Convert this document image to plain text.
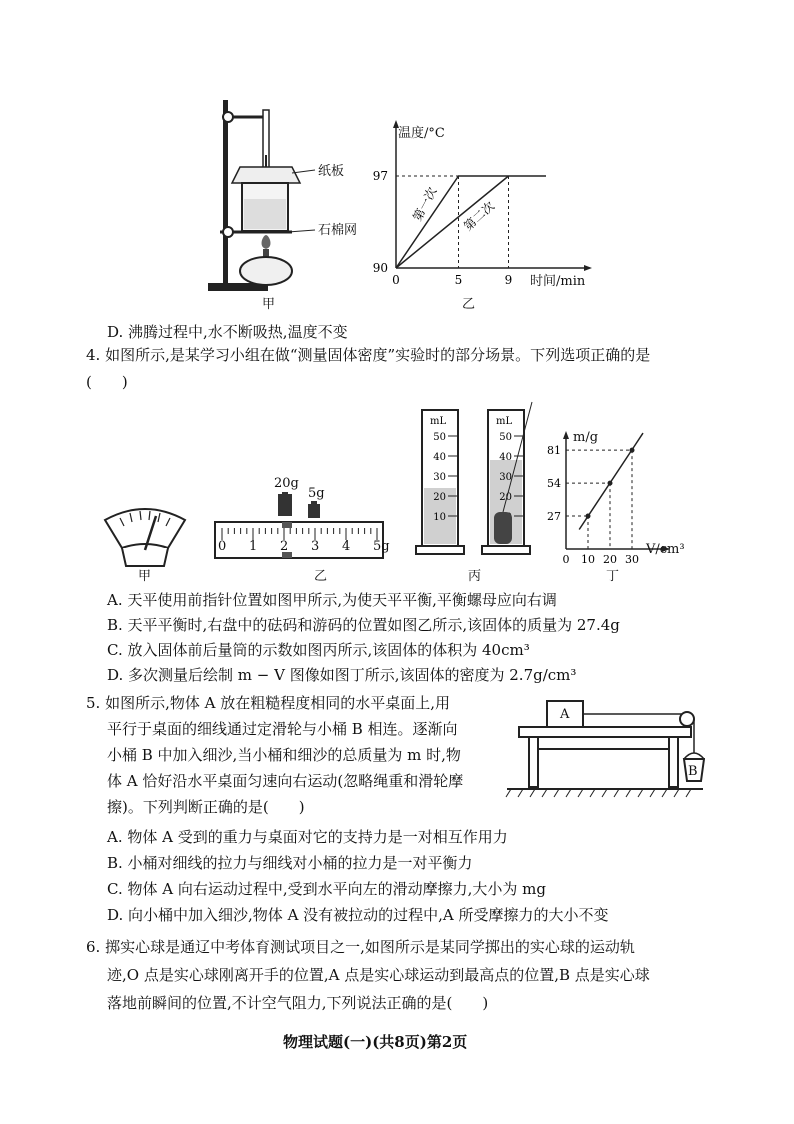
纸板
石棉网
甲
97
90
0	5	9
第一次 第二次
温度/°C
时间/min
乙
D. 沸腾过程中,水不断吸热,温度不变
4. 如图所示,是某学习小组在做“测量固体密度”实验时的部分场景。下列选项正确的是
(　　)
甲
20g
5g
0 1 2 3 4 5g
乙
mL
50
40
30
20
10
mL
50
40
30
20
丙
27
54
81
0 10 20 30
m/g
V/cm³
丁
A. 天平使用前指针位置如图甲所示,为使天平平衡,平衡螺母应向右调
B. 天平平衡时,右盘中的砝码和游码的位置如图乙所示,该固体的质量为 27.4g
C. 放入固体前后量筒的示数如图丙所示,该固体的体积为 40cm³
D. 多次测量后绘制 m − V 图像如图丁所示,该固体的密度为 2.7g/cm³
5. 如图所示,物体 A 放在粗糙程度相同的水平桌面上,用
平行于桌面的细线通过定滑轮与小桶 B 相连。逐渐向
小桶 B 中加入细沙,当小桶和细沙的总质量为 m 时,物
体 A 恰好沿水平桌面匀速向右运动(忽略绳重和滑轮摩
擦)。下列判断正确的是(　　)
A
B
A. 物体 A 受到的重力与桌面对它的支持力是一对相互作用力
B. 小桶对细线的拉力与细线对小桶的拉力是一对平衡力
C. 物体 A 向右运动过程中,受到水平向左的滑动摩擦力,大小为 mg
D. 向小桶中加入细沙,物体 A 没有被拉动的过程中,A 所受摩擦力的大小不变
6. 掷实心球是通辽中考体育测试项目之一,如图所示是某同学掷出的实心球的运动轨
迹,O 点是实心球刚离开手的位置,A 点是实心球运动到最高点的位置,B 点是实心球
落地前瞬间的位置,不计空气阻力,下列说法正确的是(　　)
物理试题(一)(共8页)第2页
